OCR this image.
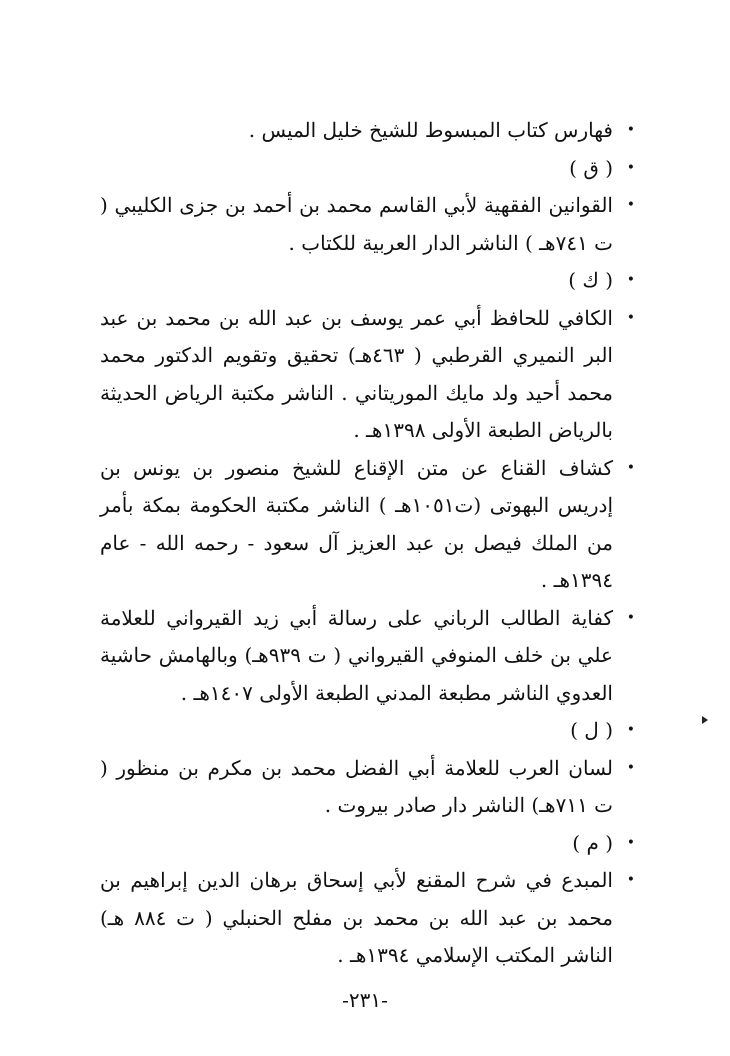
•
فهارس كتاب المبسوط للشيخ خليل الميس .
•
( ق )
•
القوانين الفقهية لأبي القاسم محمد بن أحمد بن جزى الكليبي ( ت ٧٤١هـ ) الناشر الدار العربية للكتاب .
•
( ك )
•
الكافي للحافظ أبي عمر يوسف بن عبد الله بن محمد بن عبد البر النميري القرطبي ( ٤٦٣هـ) تحقيق وتقويم الدكتور محمد محمد أحيد ولد مايك الموريتاني . الناشر مكتبة الرياض الحديثة بالرياض الطبعة الأولى ١٣٩٨هـ .
•
كشاف القناع عن متن الإقناع للشيخ منصور بن يونس بن إدريس البهوتى (ت١٠٥١هـ ) الناشر مكتبة الحكومة بمكة بأمر من الملك فيصل بن عبد العزيز آل سعود - رحمه الله - عام ١٣٩٤هـ .
•
كفاية الطالب الرباني على رسالة أبي زيد القيرواني للعلامة علي بن خلف المنوفي القيرواني ( ت ٩٣٩هـ) وبالهامش حاشية العدوي الناشر مطبعة المدني الطبعة الأولى ١٤٠٧هـ .
•
( ل )
•
لسان العرب للعلامة أبي الفضل محمد بن مكرم بن منظور ( ت ٧١١هـ) الناشر دار صادر بيروت .
•
( م )
•
المبدع في شرح المقنع لأبي إسحاق برهان الدين إبراهيم بن محمد بن عبد الله بن محمد بن مفلح الحنبلي ( ت ٨٨٤ هـ) الناشر المكتب الإسلامي ١٣٩٤هـ .
-٢٣١-
